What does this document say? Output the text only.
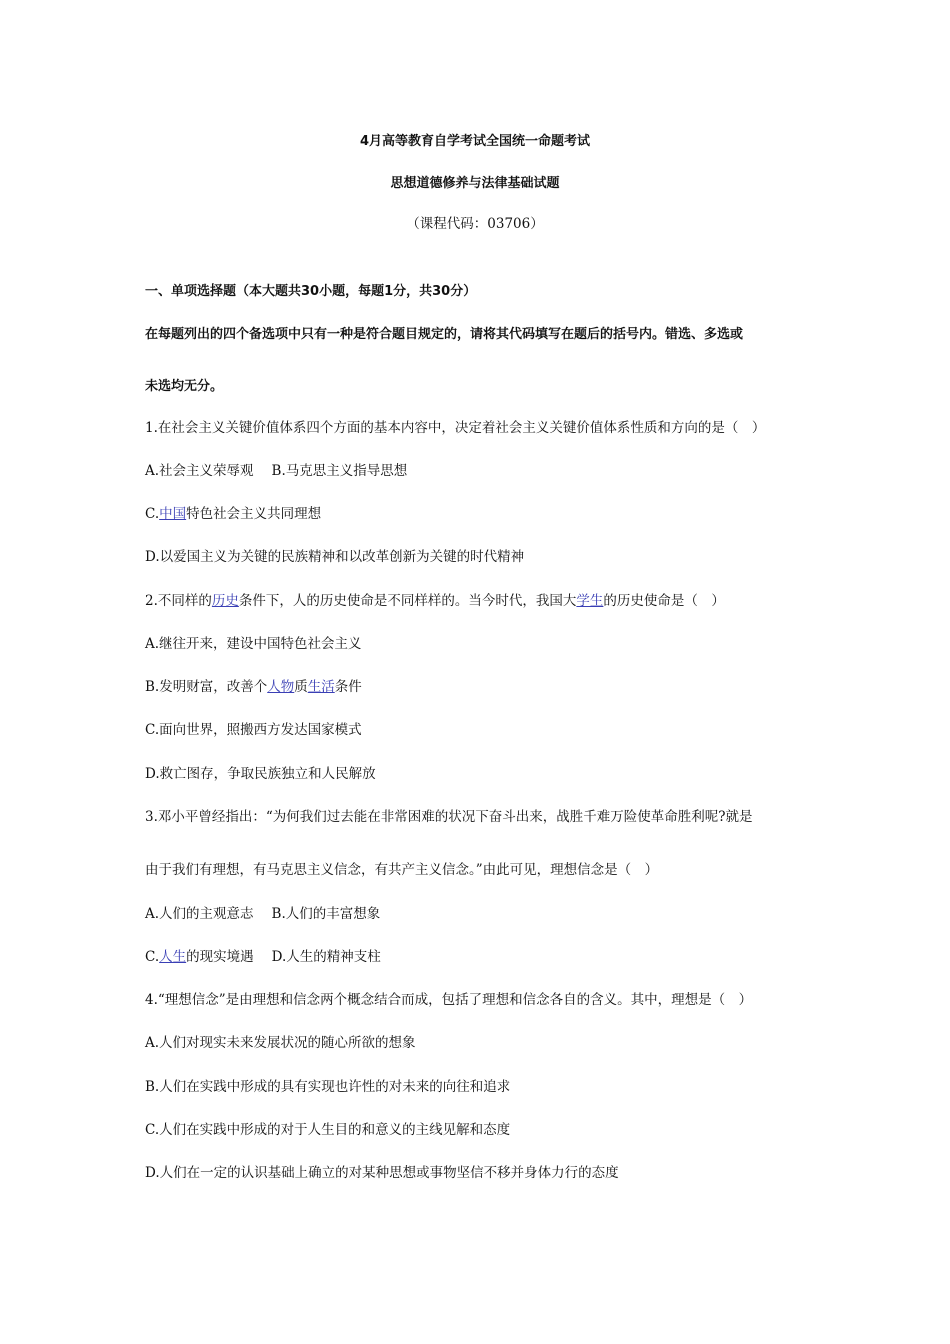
4月高等教育自学考试全国统一命题考试
思想道德修养与法律基础试题
（课程代码：03706）
一、单项选择题（本大题共30小题，每题1分，共30分）
在每题列出的四个备选项中只有一种是符合题目规定的，请将其代码填写在题后的括号内。错选、多选或
未选均无分。
1.在社会主义关键价值体系四个方面的基本内容中，决定着社会主义关键价值体系性质和方向的是（　）
A.社会主义荣辱观 B.马克思主义指导思想
C.中国特色社会主义共同理想
D.以爱国主义为关键的民族精神和以改革创新为关键的时代精神
2.不同样的历史条件下，人的历史使命是不同样样的。当今时代，我国大学生的历史使命是（　）
A.继往开来，建设中国特色社会主义
B.发明财富，改善个人物质生活条件
C.面向世界，照搬西方发达国家模式
D.救亡图存，争取民族独立和人民解放
3.邓小平曾经指出：“为何我们过去能在非常困难的状况下奋斗出来，战胜千难万险使革命胜利呢?就是
由于我们有理想，有马克思主义信念，有共产主义信念。”由此可见，理想信念是（　）
A.人们的主观意志 B.人们的丰富想象
C.人生的现实境遇 D.人生的精神支柱
4.“理想信念”是由理想和信念两个概念结合而成，包括了理想和信念各自的含义。其中，理想是（　）
A.人们对现实未来发展状况的随心所欲的想象
B.人们在实践中形成的具有实现也许性的对未来的向往和追求
C.人们在实践中形成的对于人生目的和意义的主线见解和态度
D.人们在一定的认识基础上确立的对某种思想或事物坚信不移并身体力行的态度
